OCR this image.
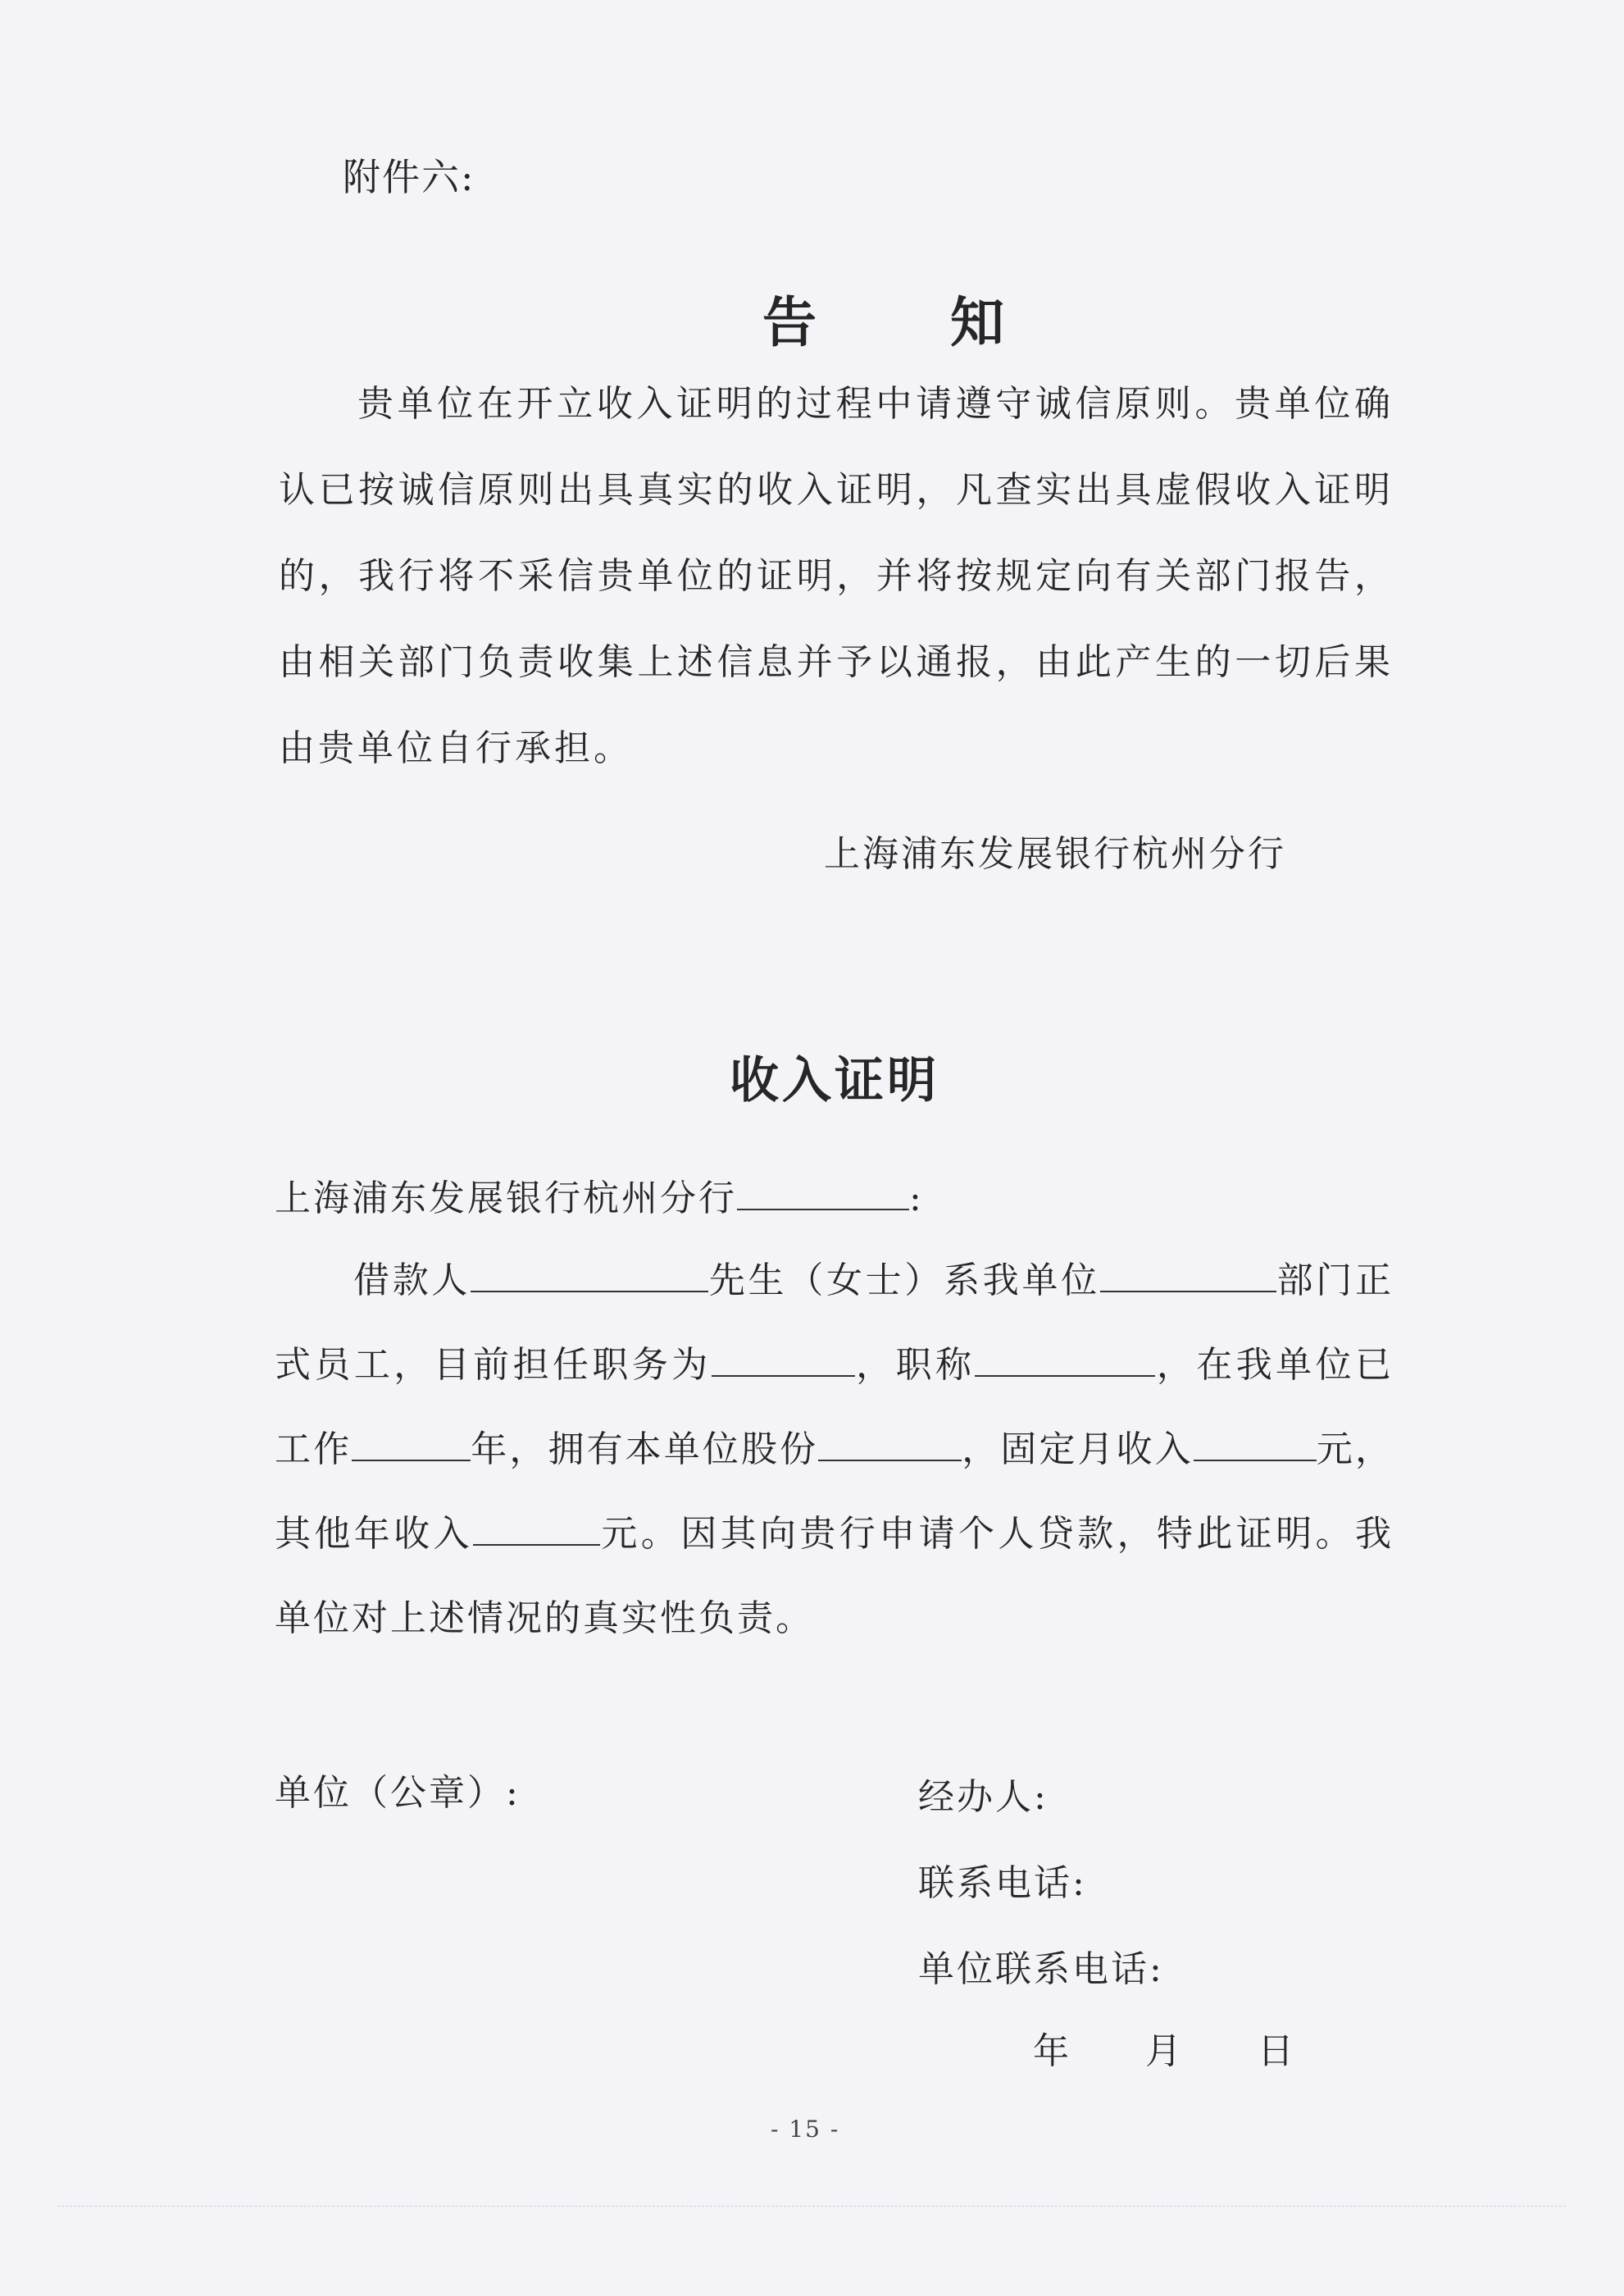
附件六:
告 知
贵单位在开立收入证明的过程中请遵守诚信原则。贵单位确认已按诚信原则出具真实的收入证明，凡查实出具虚假收入证明的，我行将不采信贵单位的证明，并将按规定向有关部门报告，由相关部门负责收集上述信息并予以通报，由此产生的一切后果由贵单位自行承担。
上海浦东发展银行杭州分行
收入证明
上海浦东发展银行杭州分行	:
借款人	先生（女士）系我单位	部门正式员工，目前担任职务为	，职称	，在我单位已工作	年，拥有本单位股份	，固定月收入	元，其他年收入	元。因其向贵行申请个人贷款，特此证明。我单位对上述情况的真实性负责。
单位（公章）:	经办人:
联系电话:
单位联系电话:
年 月 日
- 15 -
